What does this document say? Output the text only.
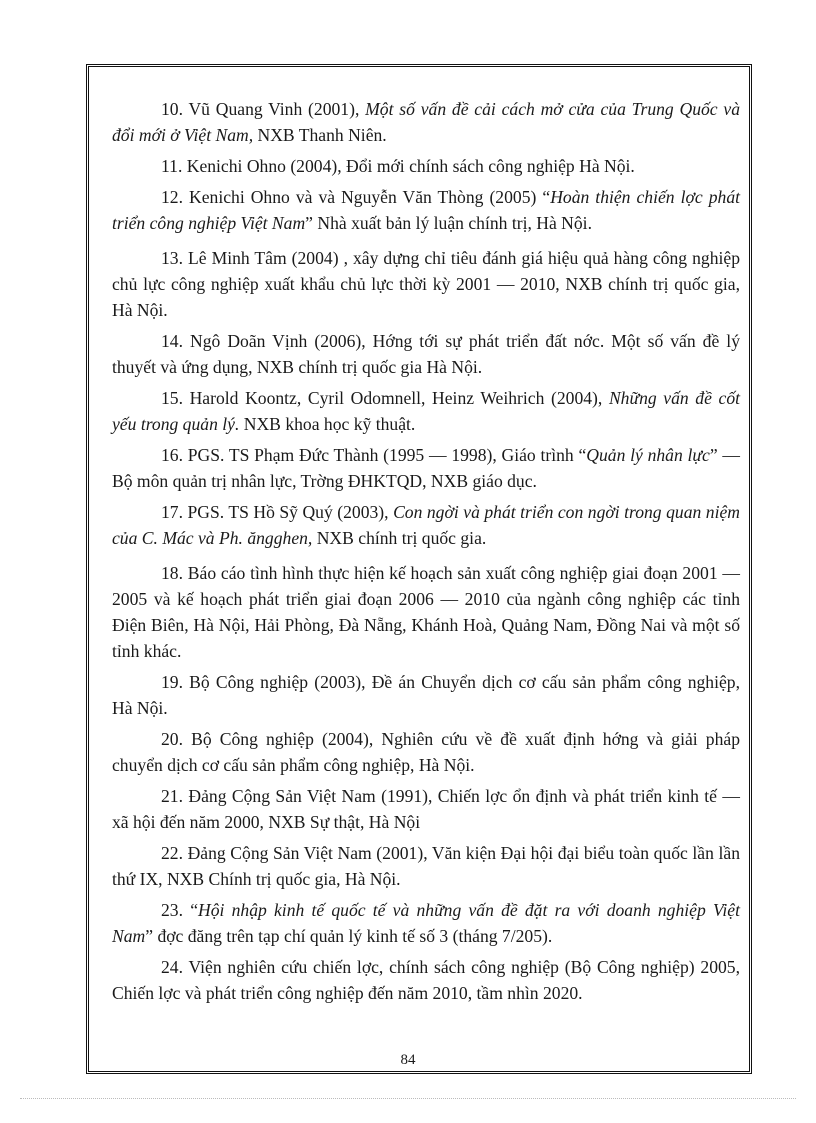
10. Vũ Quang Vinh (2001), Một số vấn đề cải cách mở cửa của Trung Quốc và đổi mới ở Việt Nam, NXB Thanh Niên.

11. Kenichi Ohno (2004), Đổi mới chính sách công nghiệp Hà Nội.

12. Kenichi Ohno và và Nguyễn Văn Thòng (2005) “Hoàn thiện chiến lợc phát triển công nghiệp Việt Nam” Nhà xuất bản lý luận chính trị, Hà Nội.

13. Lê Minh Tâm (2004) , xây dựng chỉ tiêu đánh giá hiệu quả hàng công nghiệp chủ lực công nghiệp xuất khẩu chủ lực thời kỳ 2001 — 2010, NXB chính trị quốc gia, Hà Nội.

14. Ngô Doãn Vịnh (2006), Hớng tới sự phát triển đất nớc. Một số vấn đề lý thuyết và ứng dụng, NXB chính trị quốc gia Hà Nội.

15. Harold Koontz, Cyril Odomnell, Heinz Weihrich (2004), Những vấn đề cốt yếu trong quản lý. NXB khoa học kỹ thuật.

16. PGS. TS Phạm Đức Thành (1995 — 1998), Giáo trình “Quản lý nhân lực” —Bộ môn quản trị nhân lực, Trờng ĐHKTQD, NXB giáo dục.

17. PGS. TS Hồ Sỹ Quý (2003), Con ngời và phát triển con ngời trong quan niệm của C. Mác và Ph. ăngghen, NXB chính trị quốc gia.

18. Báo cáo tình hình thực hiện kế hoạch sản xuất công nghiệp giai đoạn 2001 — 2005 và kế hoạch phát triển giai đoạn 2006 — 2010 của ngành công nghiệp các tỉnh Điện Biên, Hà Nội, Hải Phòng, Đà Nẵng, Khánh Hoà, Quảng Nam, Đồng Nai và một số tỉnh khác.

19. Bộ Công nghiệp (2003), Đề án Chuyển dịch cơ cấu sản phẩm công nghiệp, Hà Nội.

20. Bộ Công nghiệp (2004), Nghiên cứu về đề xuất định hớng và giải pháp chuyển dịch cơ cấu sản phẩm công nghiệp, Hà Nội.

21. Đảng Cộng Sản Việt Nam (1991), Chiến lợc ổn định và phát triển kinh tế — xã hội đến năm 2000, NXB Sự thật, Hà Nội

22. Đảng Cộng Sản Việt Nam (2001), Văn kiện Đại hội đại biểu toàn quốc lần lần thứ IX, NXB Chính trị quốc gia, Hà Nội.

23. “Hội nhập kinh tế quốc tế và những vấn đề đặt ra với doanh nghiệp Việt Nam” đợc đăng trên tạp chí quản lý kinh tế số 3 (tháng 7/205).

24. Viện nghiên cứu chiến lợc, chính sách công nghiệp (Bộ Công nghiệp) 2005, Chiến lợc và phát triển công nghiệp đến năm 2010, tầm nhìn 2020.

84
